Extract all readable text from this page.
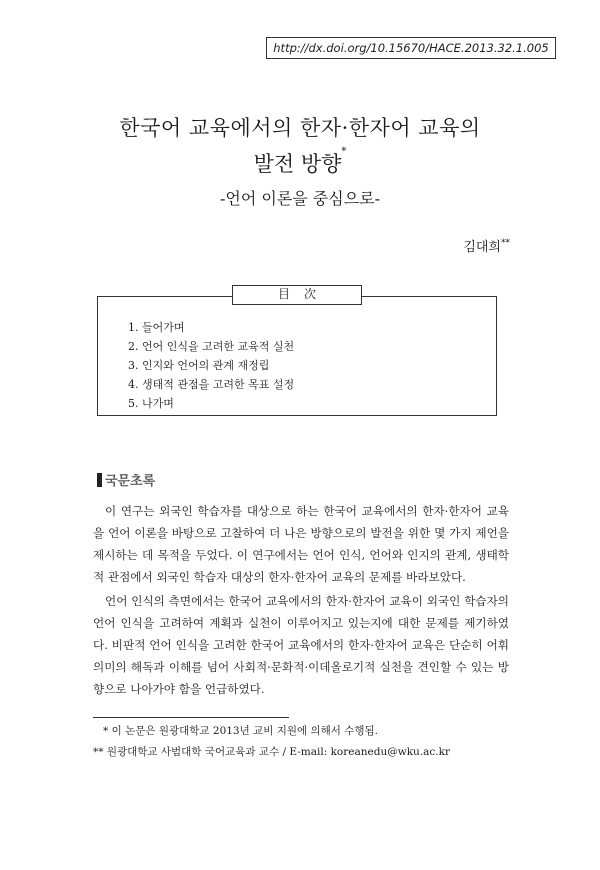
http://dx.doi.org/10.15670/HACE.2013.32.1.005
한국어 교육에서의 한자·한자어 교육의
발전 방향*
-언어 이론을 중심으로-
김대희**
目次
1. 들어가며
2. 언어 인식을 고려한 교육적 실천
3. 인지와 언어의 관계 재정립
4. 생태적 관점을 고려한 목표 설정
5. 나가며
국문초록

이 연구는 외국인 학습자를 대상으로 하는 한국어 교육에서의 한자·한자어 교육을 언어 이론을 바탕으로 고찰하여 더 나은 방향으로의 발전을 위한 몇 가지 제언을 제시하는 데 목적을 두었다. 이 연구에서는 언어 인식, 언어와 인지의 관계, 생태학적 관점에서 외국인 학습자 대상의 한자·한자어 교육의 문제를 바라보았다.

언어 인식의 측면에서는 한국어 교육에서의 한자·한자어 교육이 외국인 학습자의 언어 인식을 고려하여 계획과 실천이 이루어지고 있는지에 대한 문제를 제기하였다. 비판적 언어 인식을 고려한 한국어 교육에서의 한자·한자어 교육은 단순히 어휘 의미의 해독과 이해를 넘어 사회적·문화적·이데올로기적 실천을 견인할 수 있는 방향으로 나아가야 함을 언급하였다.

* 이 논문은 원광대학교 2013년 교비 지원에 의해서 수행됨.
** 원광대학교 사범대학 국어교육과 교수 / E-mail: koreanedu@wku.ac.kr
